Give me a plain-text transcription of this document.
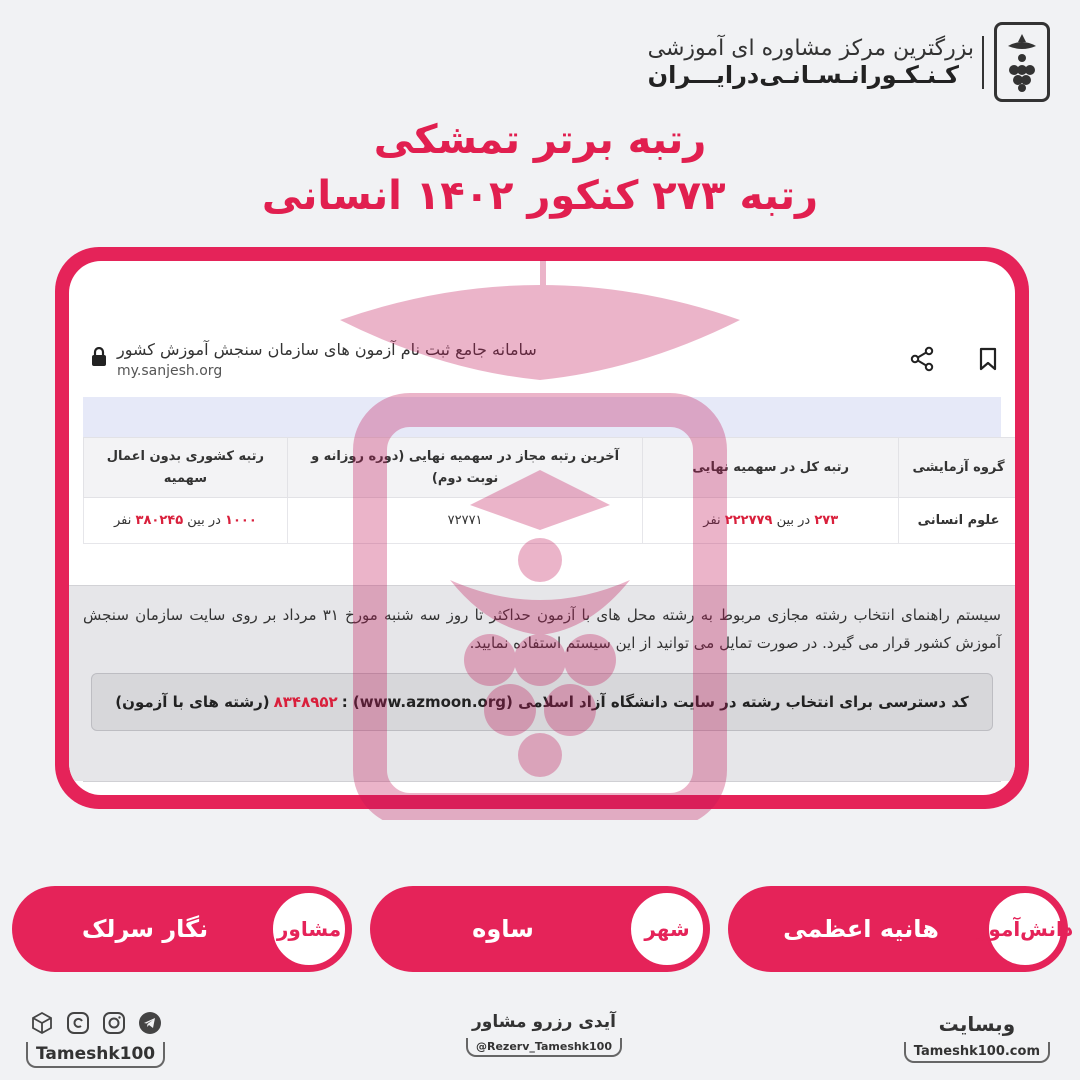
بزرگترین مرکز مشاوره ای آموزشی
کـنـکـورانـسـانـی‌درایـــران
رتبه برتر تمشکی
رتبه ۲۷۳ کنکور ۱۴۰۲ انسانی
سامانه جامع ثبت نام آزمون های سازمان سنجش آموزش کشور
my.sanjesh.org
گروه آزمایشی	رتبه کل در سهمیه نهایی	آخرین رتبه مجاز در سهمیه نهایی (دوره روزانه و نوبت دوم)	رتبه کشوری بدون اعمال سهمیه
علوم انسانی	۲۷۳ در بین ۲۲۲۷۷۹ نفر	۷۲۷۷۱	۱۰۰۰ در بین ۳۸۰۲۴۵ نفر
سیستم راهنمای انتخاب رشته مجازی مربوط به رشته محل های با آزمون حداکثر تا روز سه شنبه مورخ ۳۱ مرداد بر روی سایت سازمان سنجش آموزش کشور قرار می گیرد. در صورت تمایل می توانید از این سیستم استفاده نمایید.
کد دسترسی برای انتخاب رشته در سایت دانشگاه آزاد اسلامی (www.azmoon.org) :
۸۳۴۸۹۵۲
(رشته های با آزمون)
دانش‌آموز
هانیه اعظمی
شهر
ساوه
مشاور
نگار سرلک
وبسایت
Tameshk100.com
آیدی رزرو مشاور
@Rezerv_Tameshk100
Tameshk100
